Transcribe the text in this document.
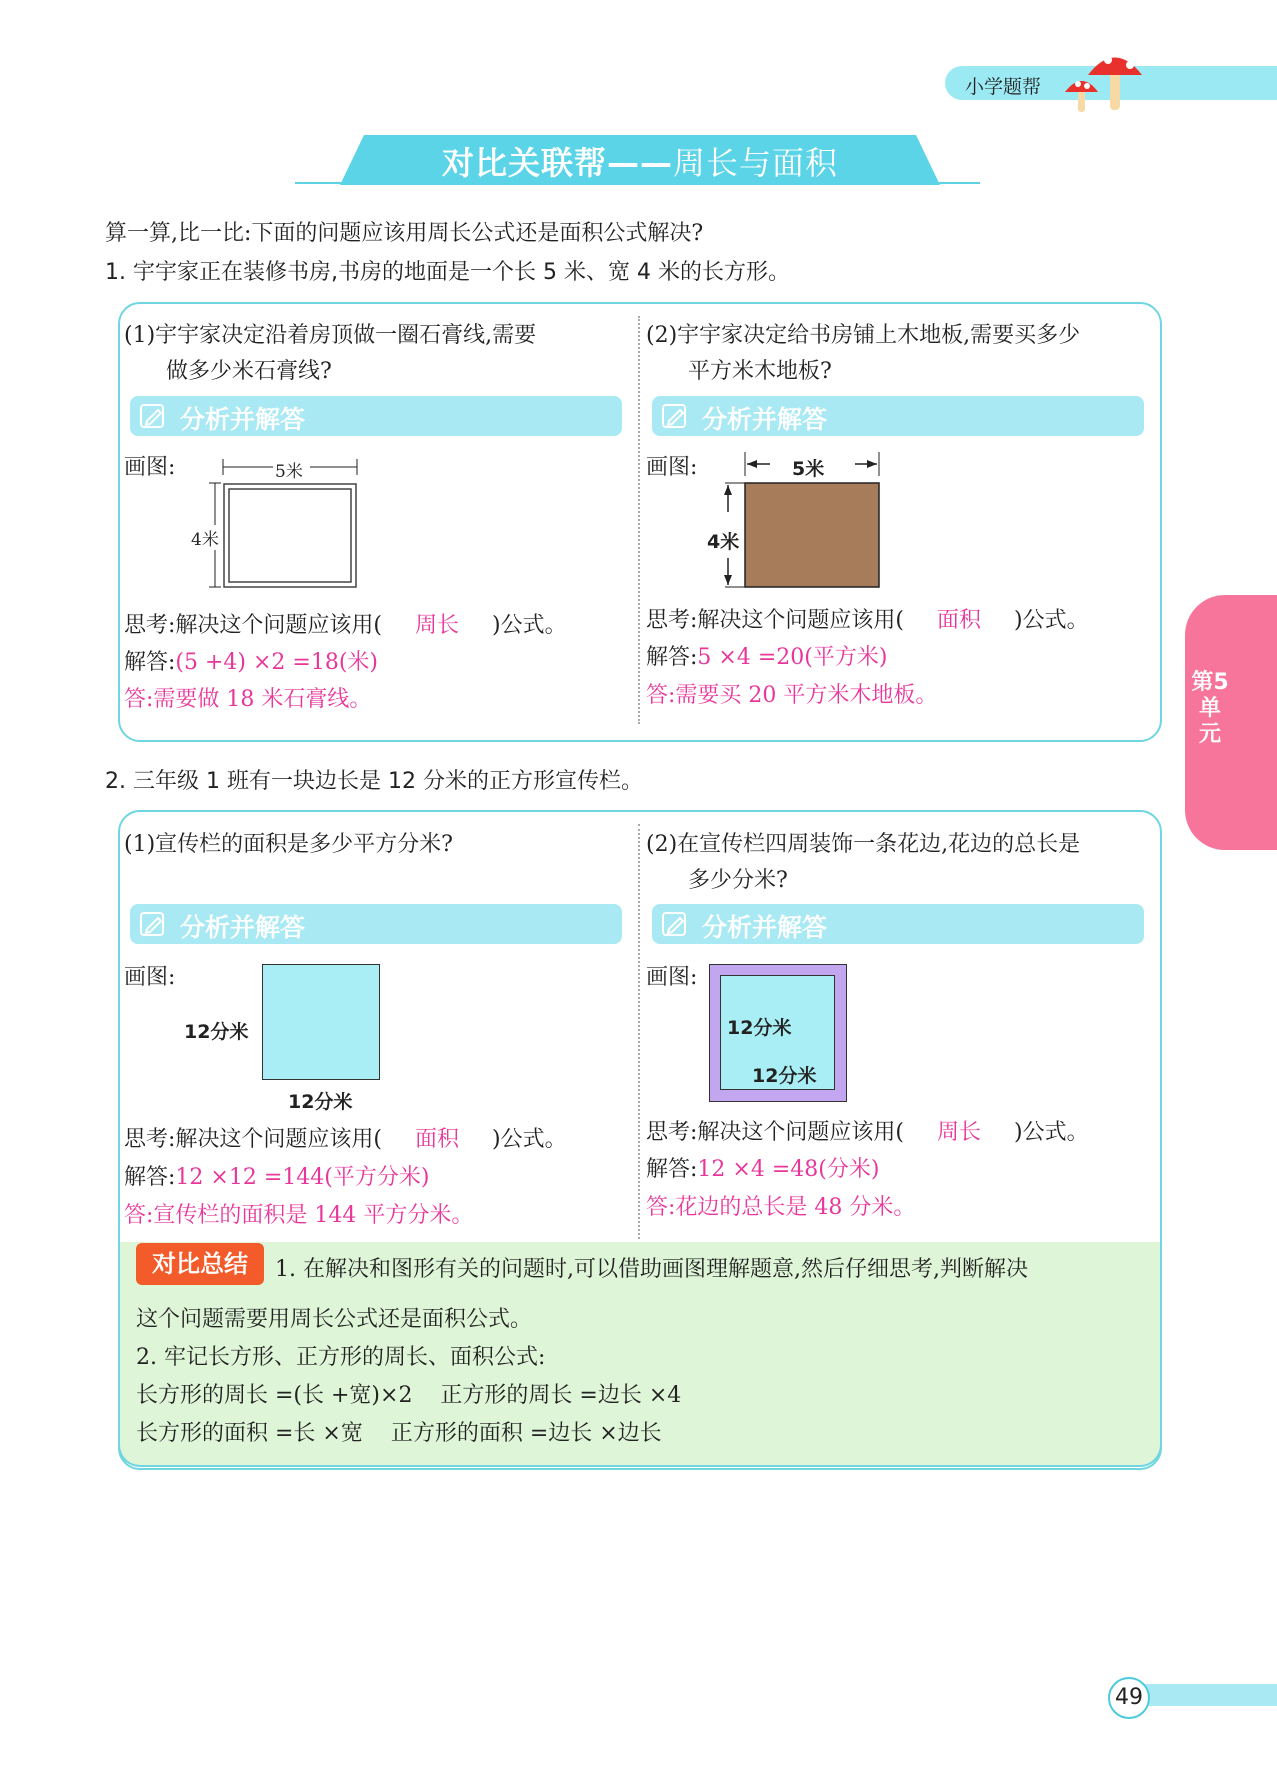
小学题帮
对比关联帮——周长与面积
算一算,比一比:下面的问题应该用周长公式还是面积公式解决?
1. 宇宇家正在装修书房,书房的地面是一个长 5 米、宽 4 米的长方形。
(1)宇宇家决定沿着房顶做一圈石膏线,需要
做多少米石膏线?
分析并解答
画图:	5米
4米
思考:解决这个问题应该用( 周长 )公式。
解答:(5 +4) ×2 =18(米)
答:需要做 18 米石膏线。
(2)宇宇家决定给书房铺上木地板,需要买多少
平方米木地板?
分析并解答
画图:	5米
4米
思考:解决这个问题应该用( 面积 )公式。
解答:5 ×4 =20(平方米)
答:需要买 20 平方米木地板。
2. 三年级 1 班有一块边长是 12 分米的正方形宣传栏。
(1)宣传栏的面积是多少平方分米?
分析并解答
画图:
12分米
12分米
思考:解决这个问题应该用( 面积 )公式。
解答:12 ×12 =144(平方分米)
答:宣传栏的面积是 144 平方分米。
(2)在宣传栏四周装饰一条花边,花边的总长是
多少分米?
分析并解答
画图:
12分米
12分米
思考:解决这个问题应该用( 周长 )公式。
解答:12 ×4 =48(分米)
答:花边的总长是 48 分米。
对比总结	1. 在解决和图形有关的问题时,可以借助画图理解题意,然后仔细思考,判断解决
这个问题需要用周长公式还是面积公式。
2. 牢记长方形、正方形的周长、面积公式:
长方形的周长 =(长 +宽)×2    正方形的周长 =边长 ×4
长方形的面积 =长 ×宽    正方形的面积 =边长 ×边长
第5单元
49
